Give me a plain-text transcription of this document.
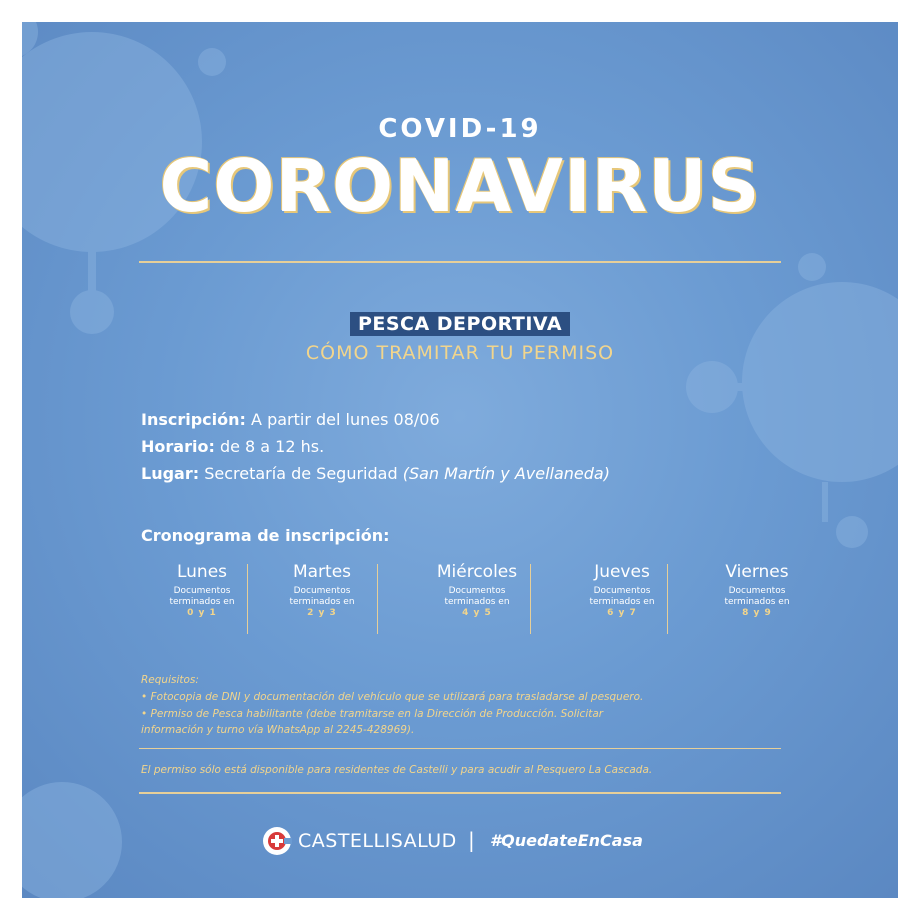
COVID-19
CORONAVIRUS
PESCA DEPORTIVA
CÓMO TRAMITAR TU PERMISO
Inscripción: A partir del lunes 08/06
Horario: de 8 a 12 hs.
Lugar: Secretaría de Seguridad (San Martín y Avellaneda)
Cronograma de inscripción:
Lunes
Documentos
terminados en
0 y 1
Martes
Documentos
terminados en
2 y 3
Miércoles
Documentos
terminados en
4 y 5
Jueves
Documentos
terminados en
6 y 7
Viernes
Documentos
terminados en
8 y 9
Requisitos:
• Fotocopia de DNI y documentación del vehículo que se utilizará para trasladarse al pesquero.
• Permiso de Pesca habilitante (debe tramitarse en la Dirección de Producción. Solicitar
información y turno vía WhatsApp al 2245-428969).
El permiso sólo está disponible para residentes de Castelli y para acudir al Pesquero La Cascada.
CASTELLISALUD | #QuedateEnCasa
